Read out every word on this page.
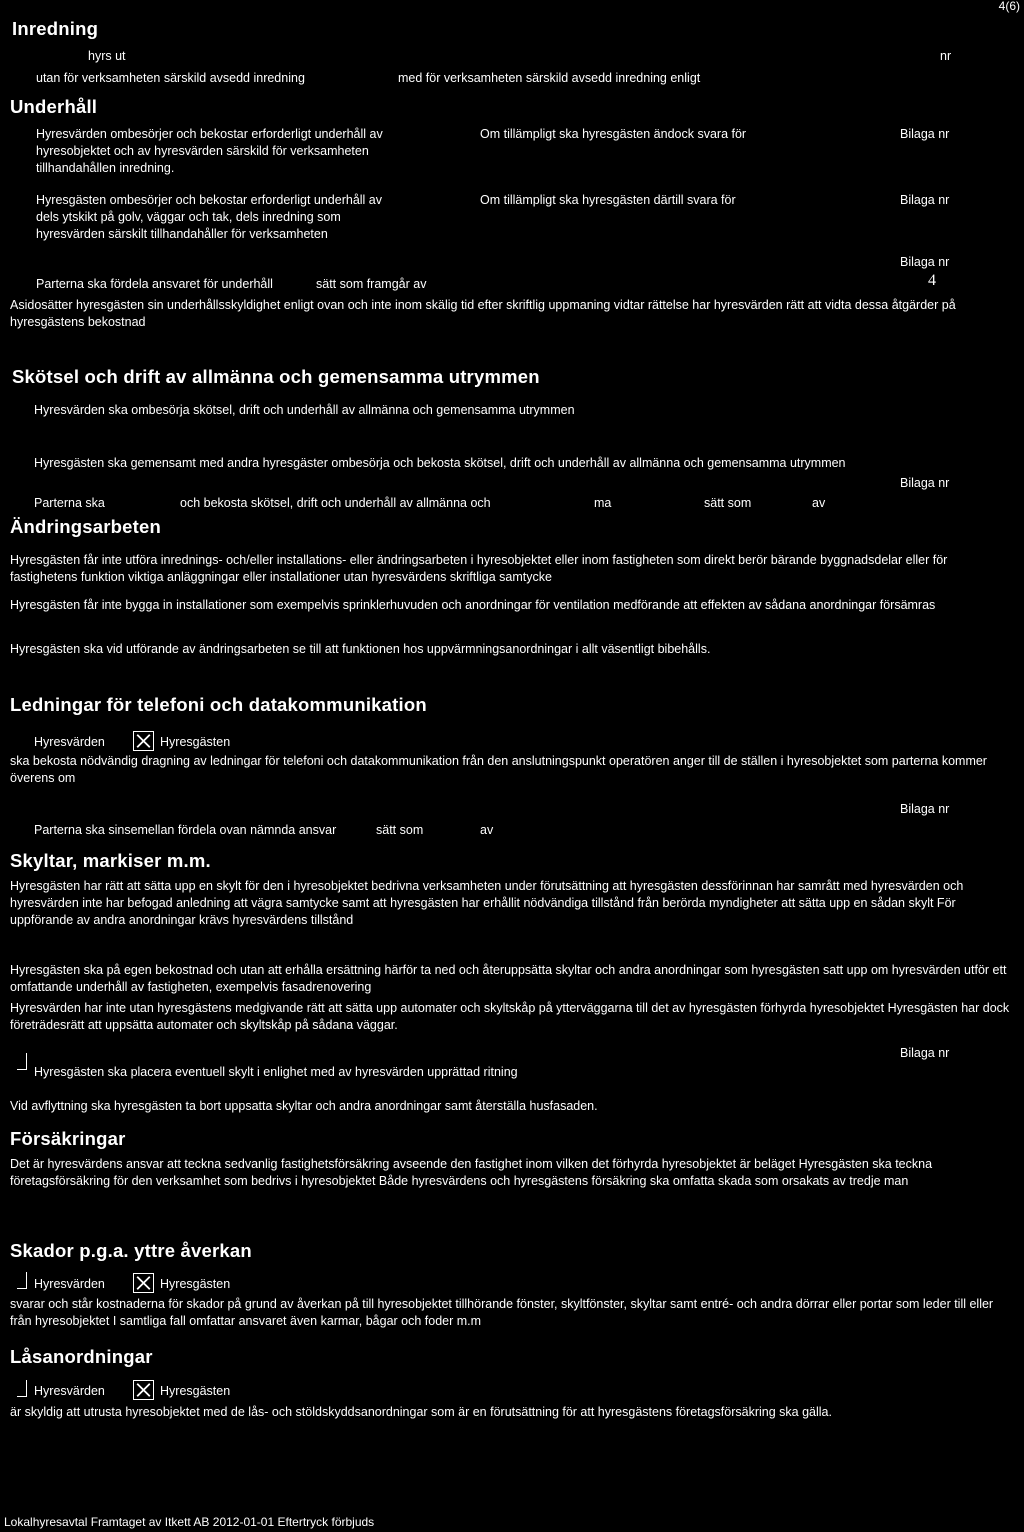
4(6)
Inredning
hyrs ut	nr
utan för verksamheten särskild avsedd inredning	med för verksamheten särskild avsedd inredning enligt
Underhåll
Hyresvärden ombesörjer och bekostar erforderligt underhåll av hyresobjektet och av hyresvärden särskild för verksamheten tillhandahållen inredning.
Om tillämpligt ska hyresgästen ändock svara för	Bilaga nr
Hyresgästen ombesörjer och bekostar erforderligt underhåll av dels ytskikt på golv, väggar och tak, dels inredning som hyresvärden särskilt tillhandahåller för verksamheten
Om tillämpligt ska hyresgästen därtill svara för	Bilaga nr
Bilaga nr
Parterna ska fördela ansvaret för underhåll	sätt som framgår av	4
Asidosätter hyresgästen sin underhållsskyldighet enligt ovan och inte inom skälig tid efter skriftlig uppmaning vidtar rättelse har hyresvärden rätt att vidta dessa åtgärder på hyresgästens bekostnad
Skötsel och drift av allmänna och gemensamma utrymmen
Hyresvärden ska ombesörja skötsel, drift och underhåll av allmänna och gemensamma utrymmen
Hyresgästen ska gemensamt med andra hyresgäster ombesörja och bekosta skötsel, drift och underhåll av allmänna och gemensamma utrymmen
Bilaga nr
Parterna ska	och bekosta skötsel, drift och underhåll av allmänna och	ma	sätt som	av
Ändringsarbeten
Hyresgästen får inte utföra inrednings- och/eller installations- eller ändringsarbeten i hyresobjektet eller inom fastigheten som direkt berör bärande byggnadsdelar eller för fastighetens funktion viktiga anläggningar eller installationer utan hyresvärdens skriftliga samtycke
Hyresgästen får inte bygga in installationer som exempelvis sprinklerhuvuden och anordningar för ventilation medförande att effekten av sådana anordningar försämras
Hyresgästen ska vid utförande av ändringsarbeten se till att funktionen hos uppvärmningsanordningar i allt väsentligt bibehålls.
Ledningar för telefoni och datakommunikation
Hyresvärden	Hyresgästen
ska bekosta nödvändig dragning av ledningar för telefoni och datakommunikation från den anslutningspunkt operatören anger till de ställen i hyresobjektet som parterna kommer överens om
Bilaga nr
Parterna ska sinsemellan fördela ovan nämnda ansvar	sätt som	av
Skyltar, markiser m.m.
Hyresgästen har rätt att sätta upp en skylt för den i hyresobjektet bedrivna verksamheten under förutsättning att hyresgästen dessförinnan har samrått med hyresvärden och hyresvärden inte har befogad anledning att vägra samtycke samt att hyresgästen har erhållit nödvändiga tillstånd från berörda myndigheter att sätta upp en sådan skylt För uppförande av andra anordningar krävs hyresvärdens tillstånd
Hyresgästen ska på egen bekostnad och utan att erhålla ersättning härför ta ned och återuppsätta skyltar och andra anordningar som hyresgästen satt upp om hyresvärden utför ett omfattande underhåll av fastigheten, exempelvis fasadrenovering
Hyresvärden har inte utan hyresgästens medgivande rätt att sätta upp automater och skyltskåp på ytterväggarna till det av hyresgästen förhyrda hyresobjektet Hyresgästen har dock företrädesrätt att uppsätta automater och skyltskåp på sådana väggar.
Bilaga nr
Hyresgästen ska placera eventuell skylt i enlighet med av hyresvärden upprättad ritning
Vid avflyttning ska hyresgästen ta bort uppsatta skyltar och andra anordningar samt återställa husfasaden.
Försäkringar
Det är hyresvärdens ansvar att teckna sedvanlig fastighetsförsäkring avseende den fastighet inom vilken det förhyrda hyresobjektet är beläget Hyresgästen ska teckna företagsförsäkring för den verksamhet som bedrivs i hyresobjektet Både hyresvärdens och hyresgästens försäkring ska omfatta skada som orsakats av tredje man
Skador p.g.a. yttre åverkan
Hyresvärden	Hyresgästen
svarar och står kostnaderna för skador på grund av åverkan på till hyresobjektet tillhörande fönster, skyltfönster, skyltar samt entré- och andra dörrar eller portar som leder till eller från hyresobjektet I samtliga fall omfattar ansvaret även karmar, bågar och foder m.m
Låsanordningar
Hyresvärden	Hyresgästen
är skyldig att utrusta hyresobjektet med de lås- och stöldskyddsanordningar som är en förutsättning för att hyresgästens företagsförsäkring ska gälla.
Lokalhyresavtal Framtaget av Itkett AB 2012-01-01 Eftertryck förbjuds
